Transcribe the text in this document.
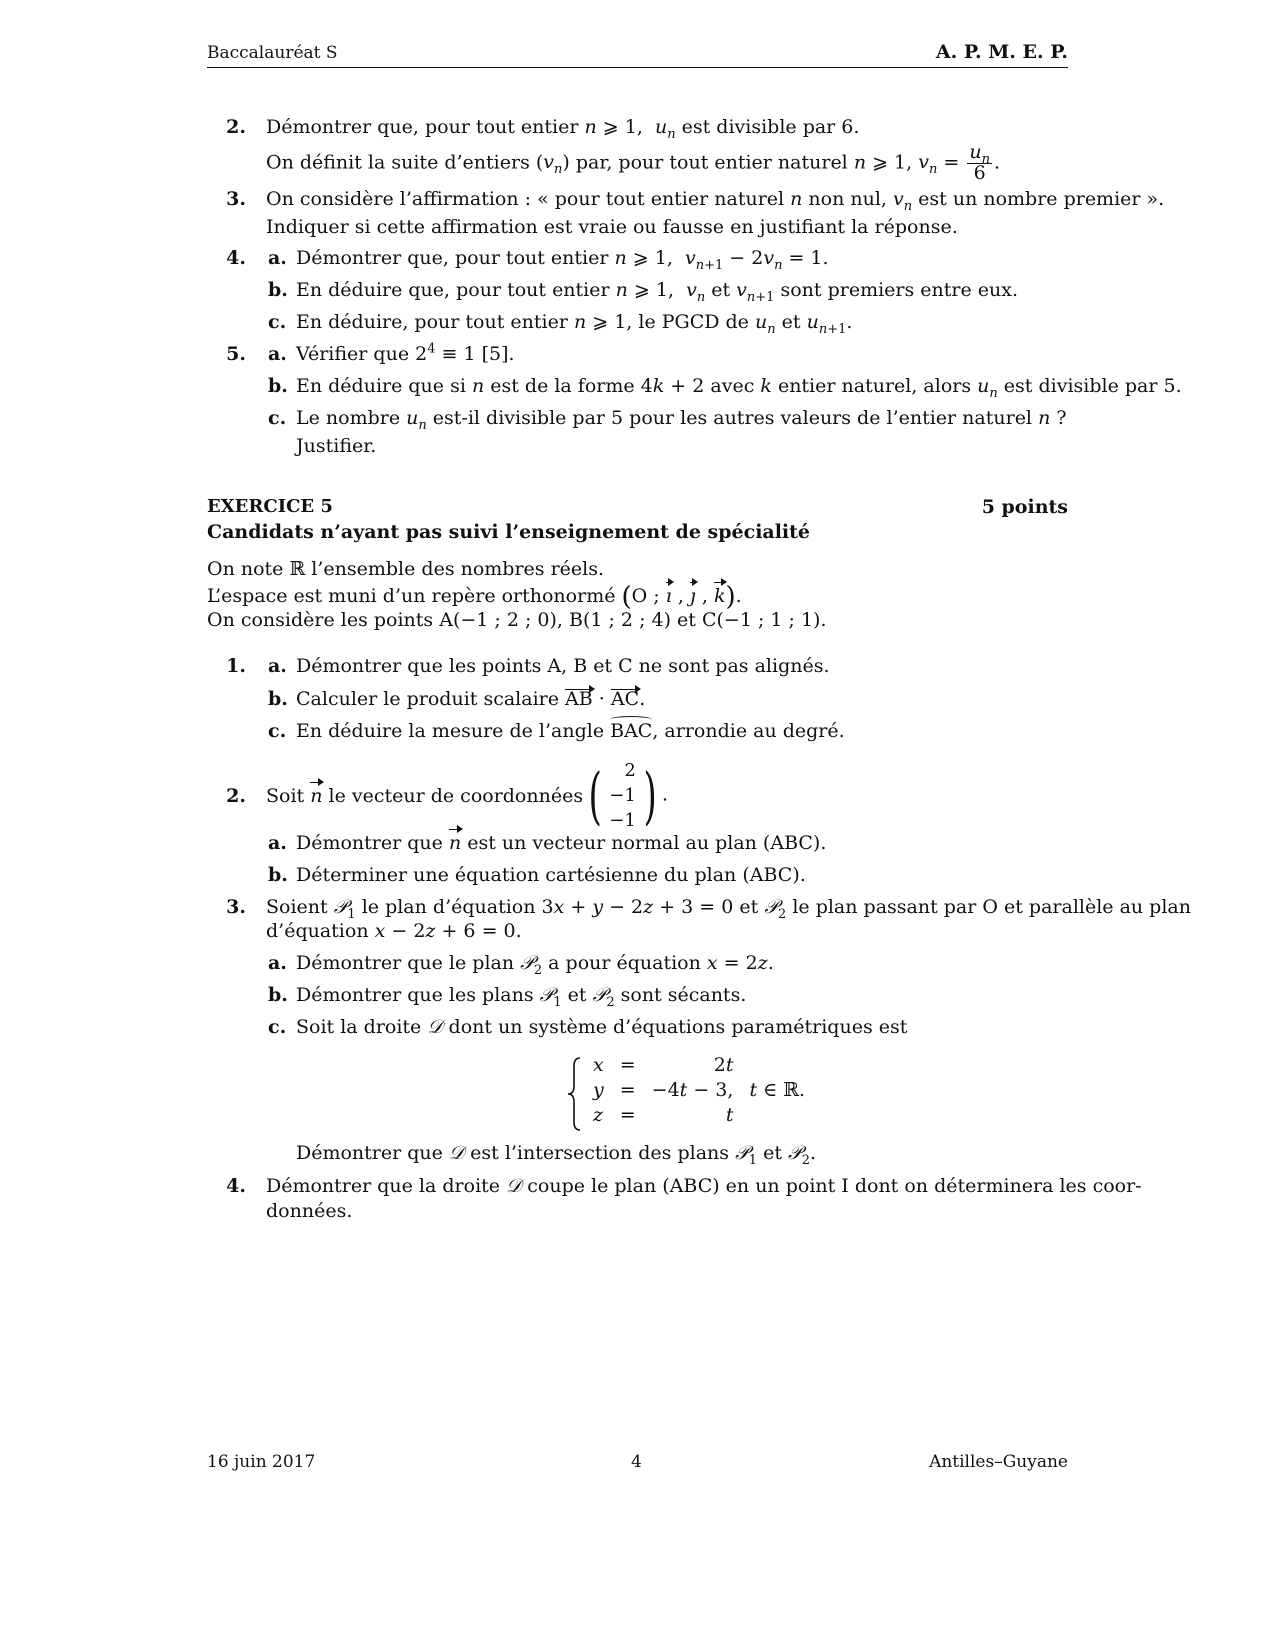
Baccalauréat S	A. P. M. E. P.
2. Démontrer que, pour tout entier n ⩾ 1,  $u_n$ est divisible par 6.
On définit la suite d’entiers $(v_n)$ par, pour tout entier naturel n ⩾ 1, $v_n = \frac{u_n}{6}$ .
3. On considère l’affirmation : « pour tout entier naturel n non nul, $v_n$ est un nombre premier ».
Indiquer si cette affirmation est vraie ou fausse en justifiant la réponse.
4. a. Démontrer que, pour tout entier n ⩾ 1,  $v_{n+1} - 2v_n = 1$.
b. En déduire que, pour tout entier n ⩾ 1,  $v_n$ et $v_{n+1}$ sont premiers entre eux.
c. En déduire, pour tout entier n ⩾ 1, le PGCD de $u_n$ et $u_{n+1}$.
5. a. Vérifier que $2^4 \equiv 1$ [5].
b. En déduire que si n est de la forme 4k + 2 avec k entier naturel, alors $u_n$ est divisible par 5.
c. Le nombre $u_n$ est-il divisible par 5 pour les autres valeurs de l’entier naturel n ?
Justifier.
EXERCICE 5	5 points
Candidats n’ayant pas suivi l’enseignement de spécialité
On note ℝ l’ensemble des nombres réels.
L’espace est muni d’un repère orthonormé (O ; ı , ȷ , k).
On considère les points A(−1 ; 2 ; 0), B(1 ; 2 ; 4) et C(−1 ; 1 ; 1).
1. a. Démontrer que les points A, B et C ne sont pas alignés.
b. Calculer le produit scalaire AB · AC.
c. En déduire la mesure de l’angle BAC, arrondie au degré.
2. Soit n le vecteur de coordonnées(	2
−1
−1 ) .
a. Démontrer que n est un vecteur normal au plan (ABC).
b. Déterminer une équation cartésienne du plan (ABC).
3. Soient 𝒫$_1$ le plan d’équation 3x + y − 2z + 3 = 0 et 𝒫$_2$ le plan passant par O et parallèle au plan
d’équation x − 2z + 6 = 0.
a. Démontrer que le plan 𝒫$_2$ a pour équation x = 2z.
b. Démontrer que les plans 𝒫$_1$ et 𝒫$_2$ sont sécants.
c. Soit la droite 𝒟 dont un système d’équations paramétriques est
x	=	2t	
y	=	−4t − 3,	t ∈ ℝ.
z	=	t	
Démontrer que 𝒟 est l’intersection des plans 𝒫$_1$ et 𝒫$_2$.
4. Démontrer que la droite 𝒟 coupe le plan (ABC) en un point I dont on déterminera les coor-
données.
16 juin 2017	4	Antilles–Guyane
